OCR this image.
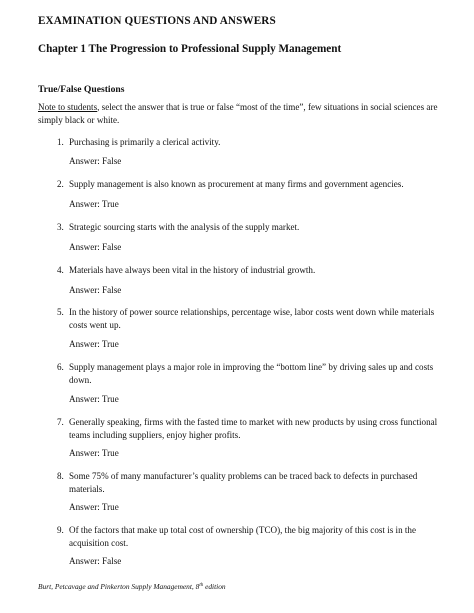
EXAMINATION QUESTIONS AND ANSWERS
Chapter 1 The Progression to Professional Supply Management
True/False Questions
Note to students, select the answer that is true or false “most of the time”, few situations in social sciences are simply black or white.
1. Purchasing is primarily a clerical activity.
Answer: False
2. Supply management is also known as procurement at many firms and government agencies.
Answer: True
3. Strategic sourcing starts with the analysis of the supply market.
Answer: False
4. Materials have always been vital in the history of industrial growth.
Answer: False
5. In the history of power source relationships, percentage wise, labor costs went down while materials costs went up.
Answer: True
6. Supply management plays a major role in improving the “bottom line” by driving sales up and costs down.
Answer: True
7. Generally speaking, firms with the fasted time to market with new products by using cross functional teams including suppliers, enjoy higher profits.
Answer: True
8. Some 75% of many manufacturer’s quality problems can be traced back to defects in purchased materials.
Answer: True
9. Of the factors that make up total cost of ownership (TCO), the big majority of this cost is in the acquisition cost.
Answer: False
Burt, Petcavage and Pinkerton Supply Management, 8th edition
